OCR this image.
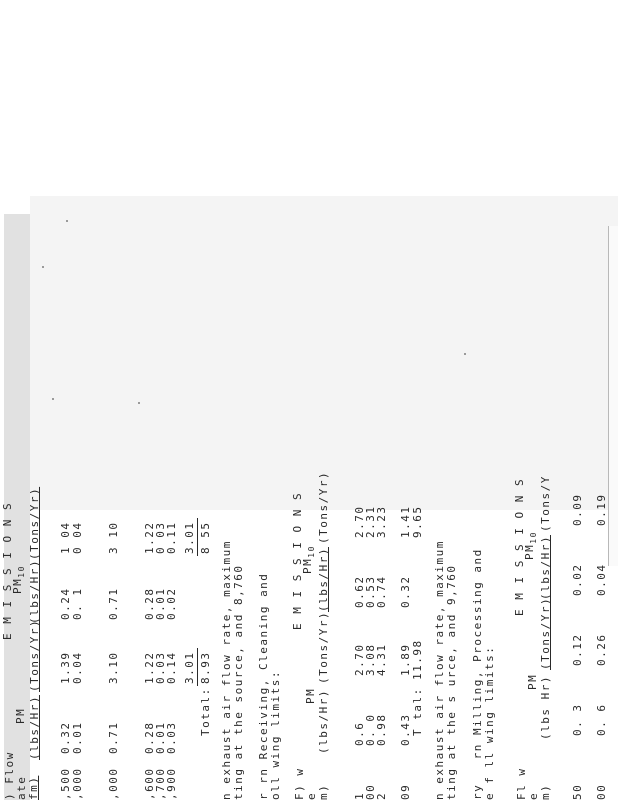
) Flow ate fm)
E M I S S I O N S
PM
$PM_{10}$
(lbs/Hr)
(Tons/Yr)
(lbs/Hr)
(Tons/Yr)
,500
0.32
1.39
0.24
1 04
,000
0.01
0.04
0. 1
0 04
,000
0.71
3.10
0.71
3 10
,600
0.28
1.22
0.28
1.22
,700
0.01
0.03
0.01
0 03
,900
0.03
0.14
0.02
0.11
3.01
3.01
Total:
8.93
8 55
n exhaust air flow rate, maximum ting at the source, and 8,760 r rn Receiving, Cleaning and oll wing limits: F) w e m)
E M I S S I O N S
PM
$PM_{10}$
(lbs/Hr)
(Tons/Yr)
(lbs/Hr)
(Tons/Yr)
1
0.6
2.70
0.62
2.70
00
0. 0
3.08
0.53
2.31
2
0.98
4.31
0.74
3.23
09
0.43
1.89
0.32
1.41
T tal:
11.98
9.65
n exhaust air flow rate, maximum ting at the s urce, and 9,760 ry   rn Milling, Processing and e f ll wing limits: Fl w e m)
E M I S S I O N S
PM
$PM_{10}$
(lbs Hr)
(Tons/Yr)
(lbs/Hr)
(Tons/Y
50
0. 3
0.12
0.02
0.09
00
0. 6
0.26
0.04
0.19
